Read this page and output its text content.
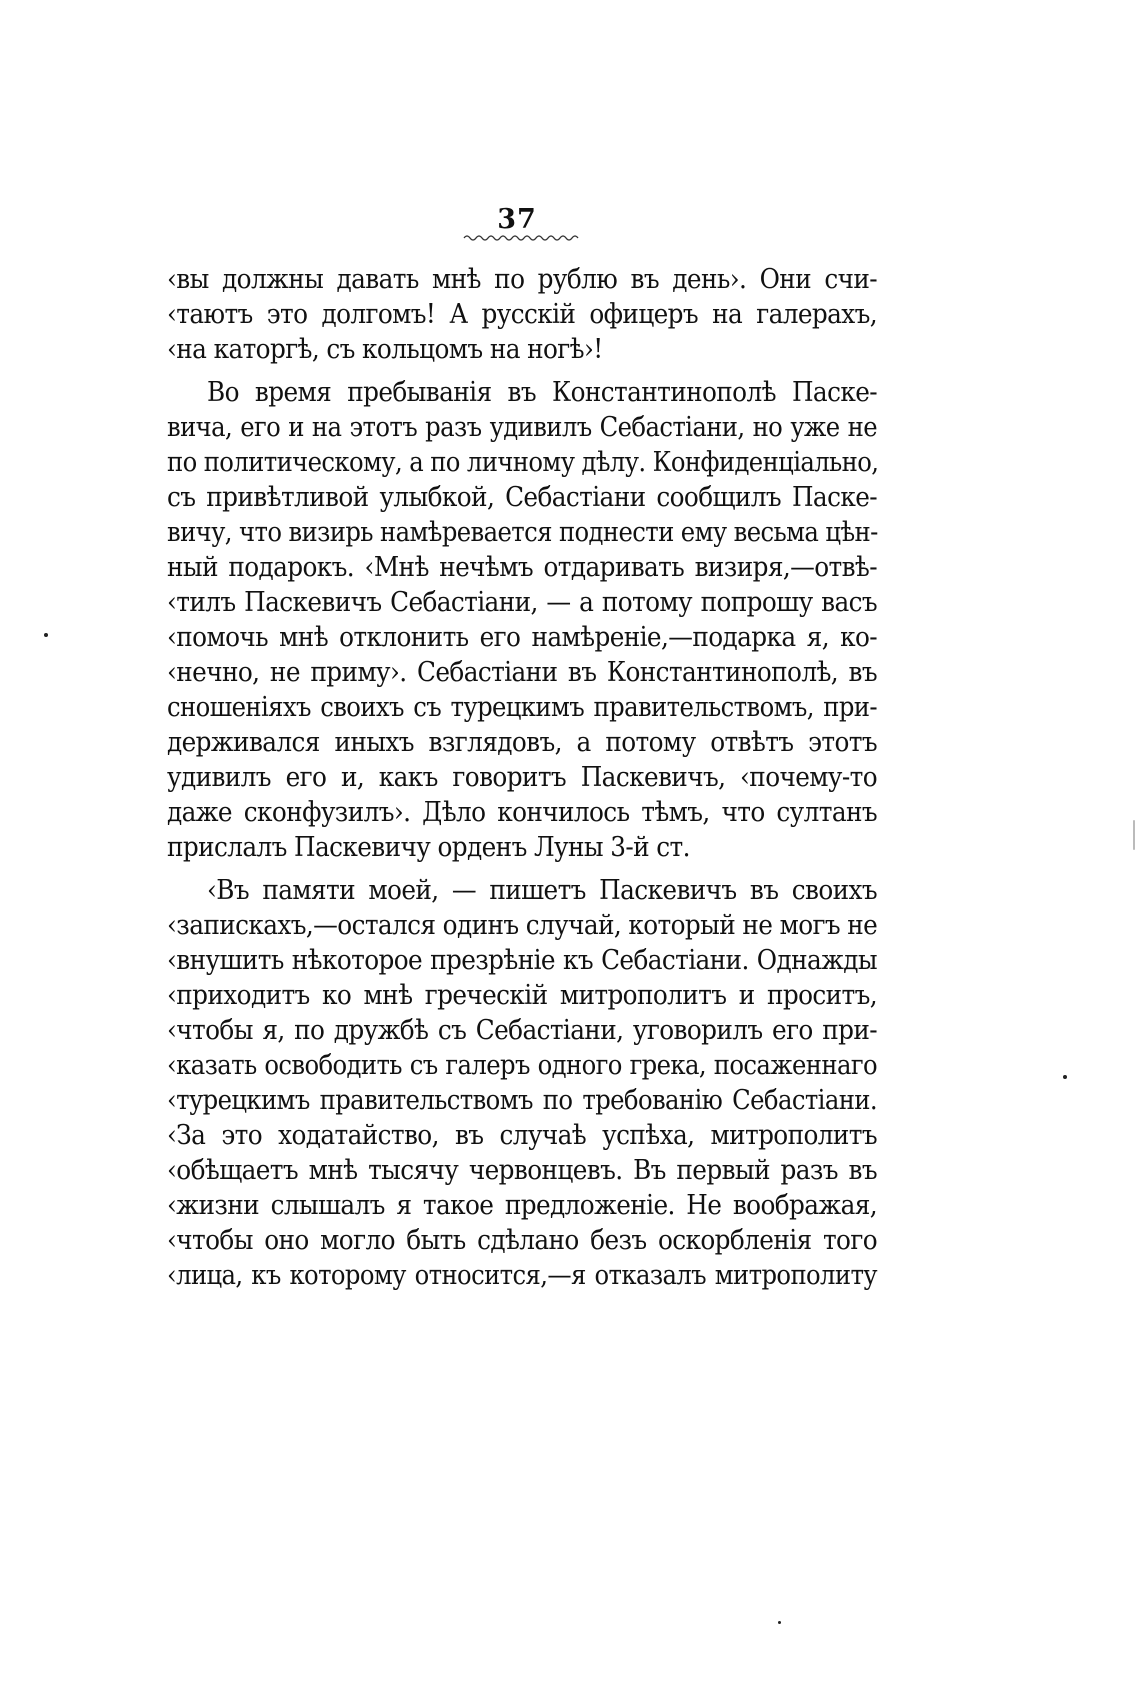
37
‹вы должны давать мнѣ по рублю въ день›. Они счи-
‹таютъ это долгомъ! А русскій офицеръ на галерахъ,
‹на каторгѣ, съ кольцомъ на ногѣ›!
Во время пребыванія въ Константинополѣ Паске-
вича, его и на этотъ разъ удивилъ Себастіани, но уже не
по политическому, а по личному дѣлу. Конфиденціально,
съ привѣтливой улыбкой, Себастіани сообщилъ Паске-
вичу, что визирь намѣревается поднести ему весьма цѣн-
ный подарокъ. ‹Мнѣ нечѣмъ отдаривать визиря,—отвѣ-
‹тилъ Паскевичъ Себастіани, — а потому попрошу васъ
‹помочь мнѣ отклонить его намѣреніе,—подарка я, ко-
‹нечно, не приму›. Себастіани въ Константинополѣ, въ
сношеніяхъ своихъ съ турецкимъ правительствомъ, при-
держивался иныхъ взглядовъ, а потому отвѣтъ этотъ
удивилъ его и, какъ говоритъ Паскевичъ, ‹почему-то
даже сконфузилъ›. Дѣло кончилось тѣмъ, что султанъ
прислалъ Паскевичу орденъ Луны 3-й ст.
‹Въ памяти моей, — пишетъ Паскевичъ въ своихъ
‹запискахъ,—остался одинъ случай, который не могъ не
‹внушить нѣкоторое презрѣніе къ Себастіани. Однажды
‹приходитъ ко мнѣ греческій митрополитъ и проситъ,
‹чтобы я, по дружбѣ съ Себастіани, уговорилъ его при-
‹казать освободить съ галеръ одного грека, посаженнаго
‹турецкимъ правительствомъ по требованію Себастіани.
‹За это ходатайство, въ случаѣ успѣха, митрополитъ
‹обѣщаетъ мнѣ тысячу червонцевъ. Въ первый разъ въ
‹жизни слышалъ я такое предложеніе. Не воображая,
‹чтобы оно могло быть сдѣлано безъ оскорбленія того
‹лица, къ которому относится,—я отказалъ митрополиту
